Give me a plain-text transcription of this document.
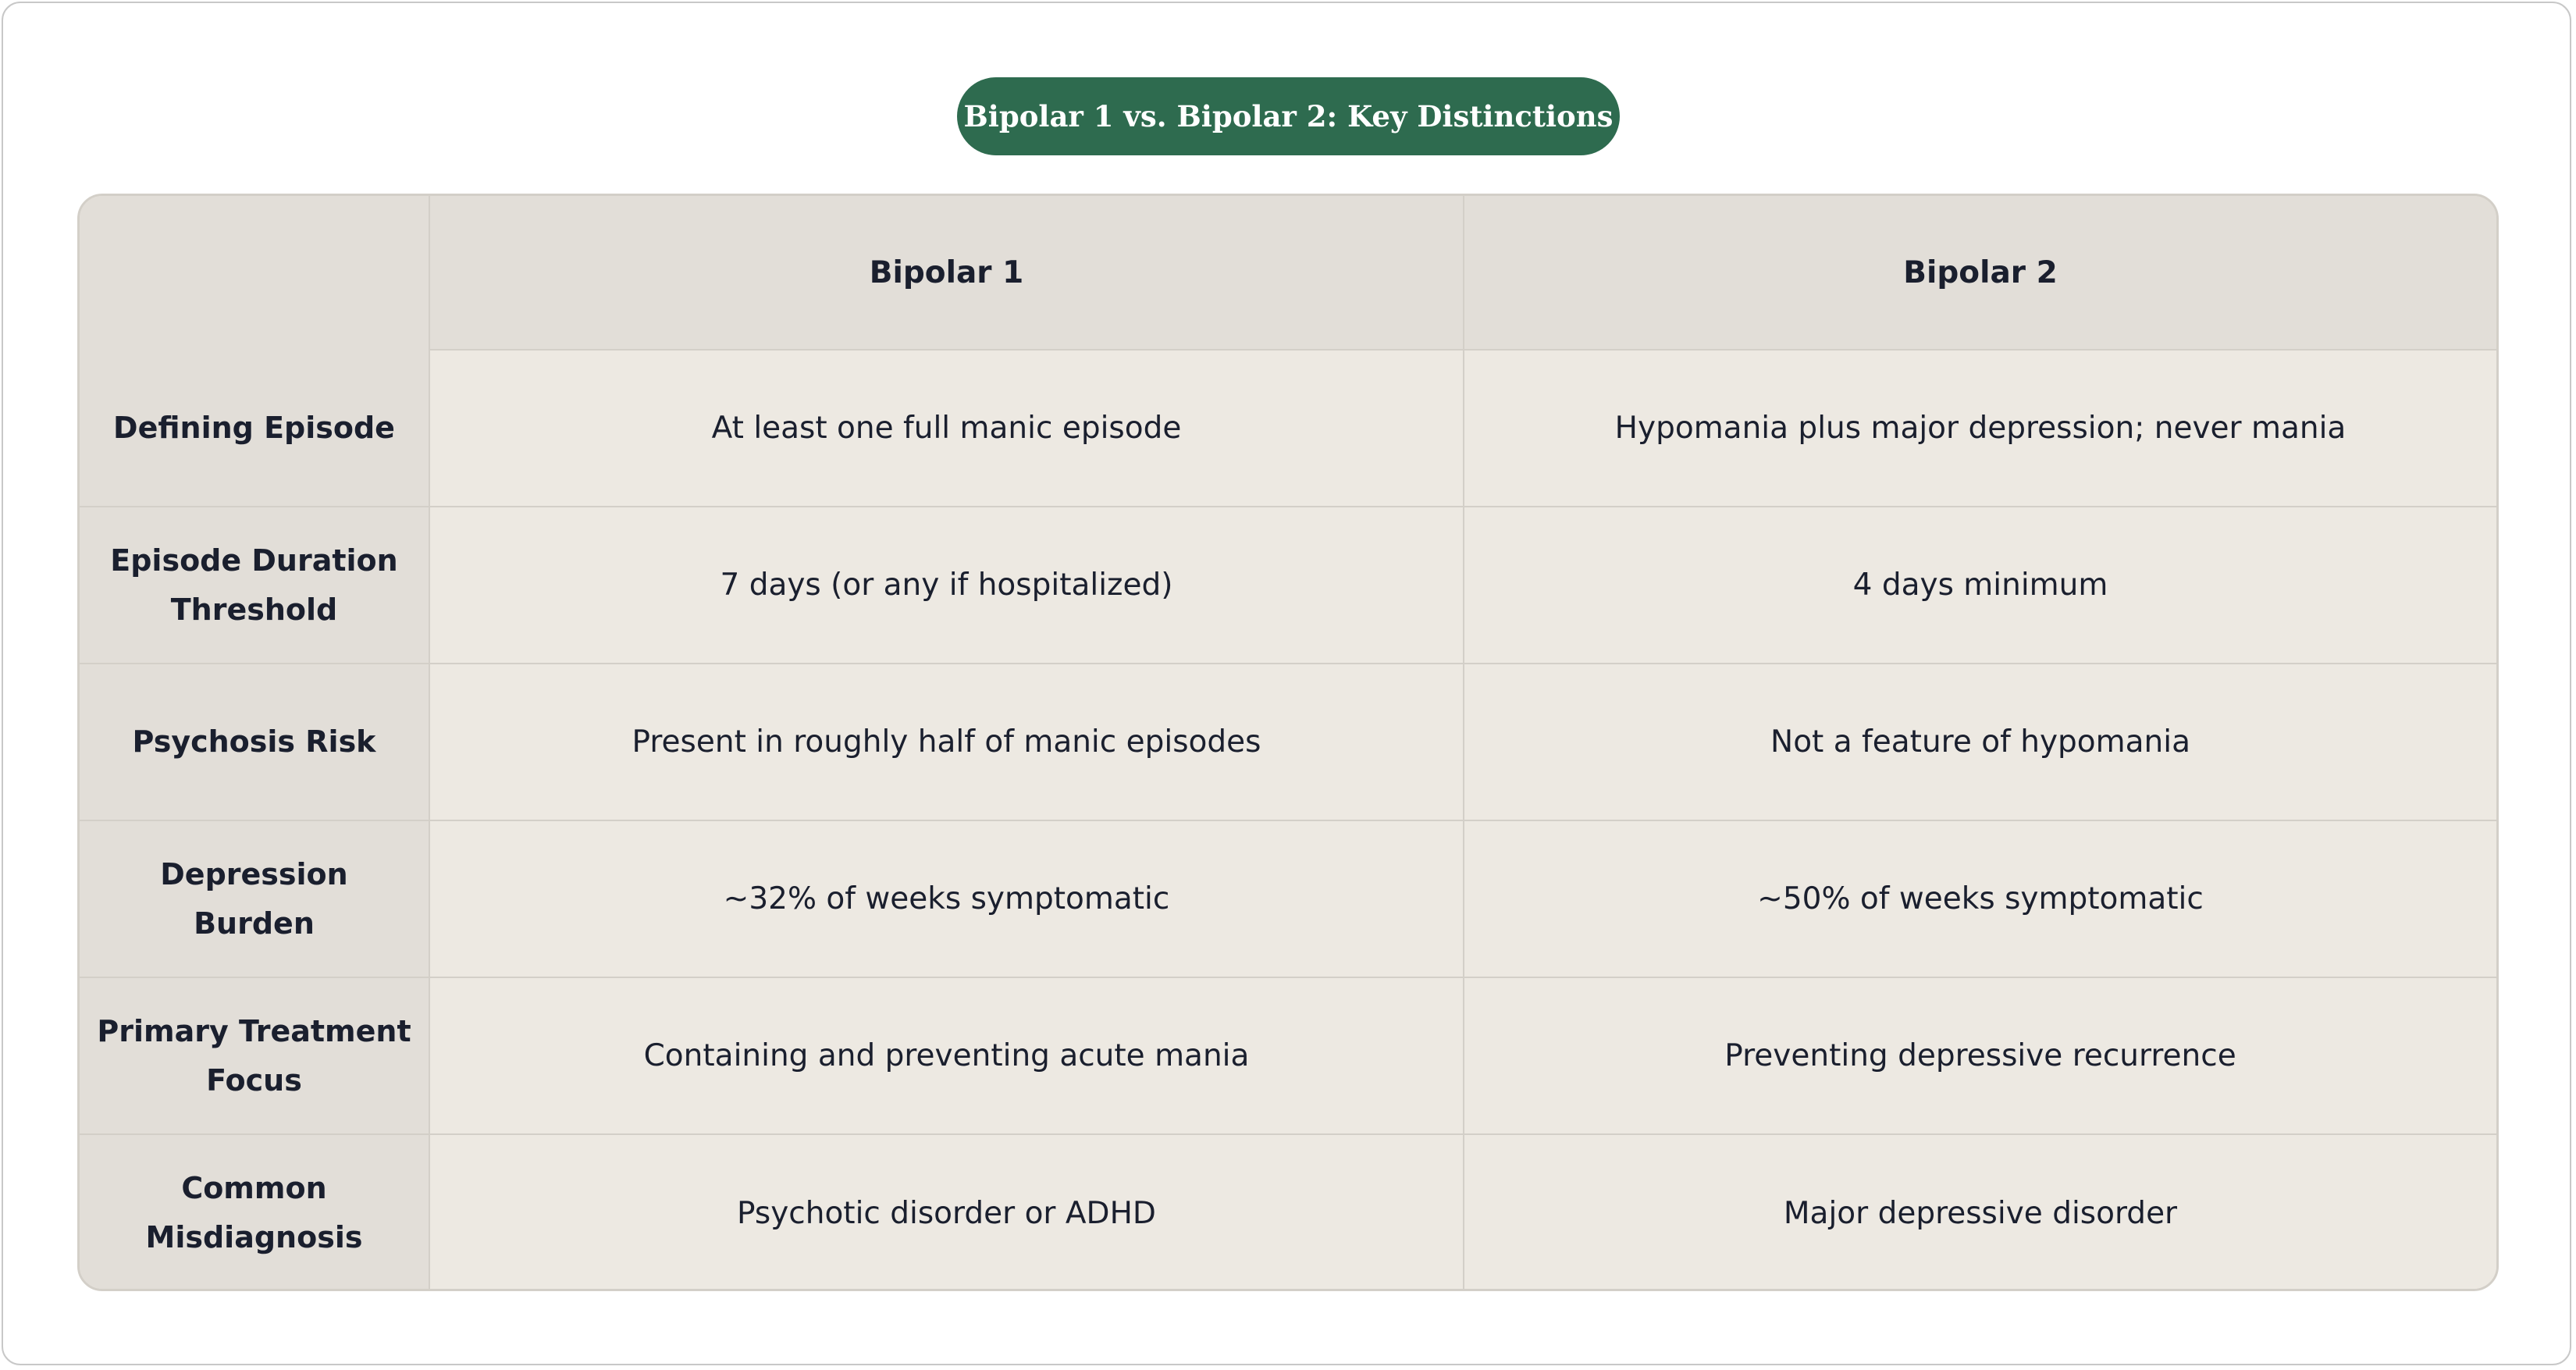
Bipolar 1 vs. Bipolar 2: Key Distinctions
	Bipolar 1	Bipolar 2
Defining Episode	At least one full manic episode	Hypomania plus major depression; never mania
Episode Duration Threshold	7 days (or any if hospitalized)	4 days minimum
Psychosis Risk	Present in roughly half of manic episodes	Not a feature of hypomania
Depression Burden	~32% of weeks symptomatic	~50% of weeks symptomatic
Primary Treatment Focus	Containing and preventing acute mania	Preventing depressive recurrence
Common Misdiagnosis	Psychotic disorder or ADHD	Major depressive disorder
